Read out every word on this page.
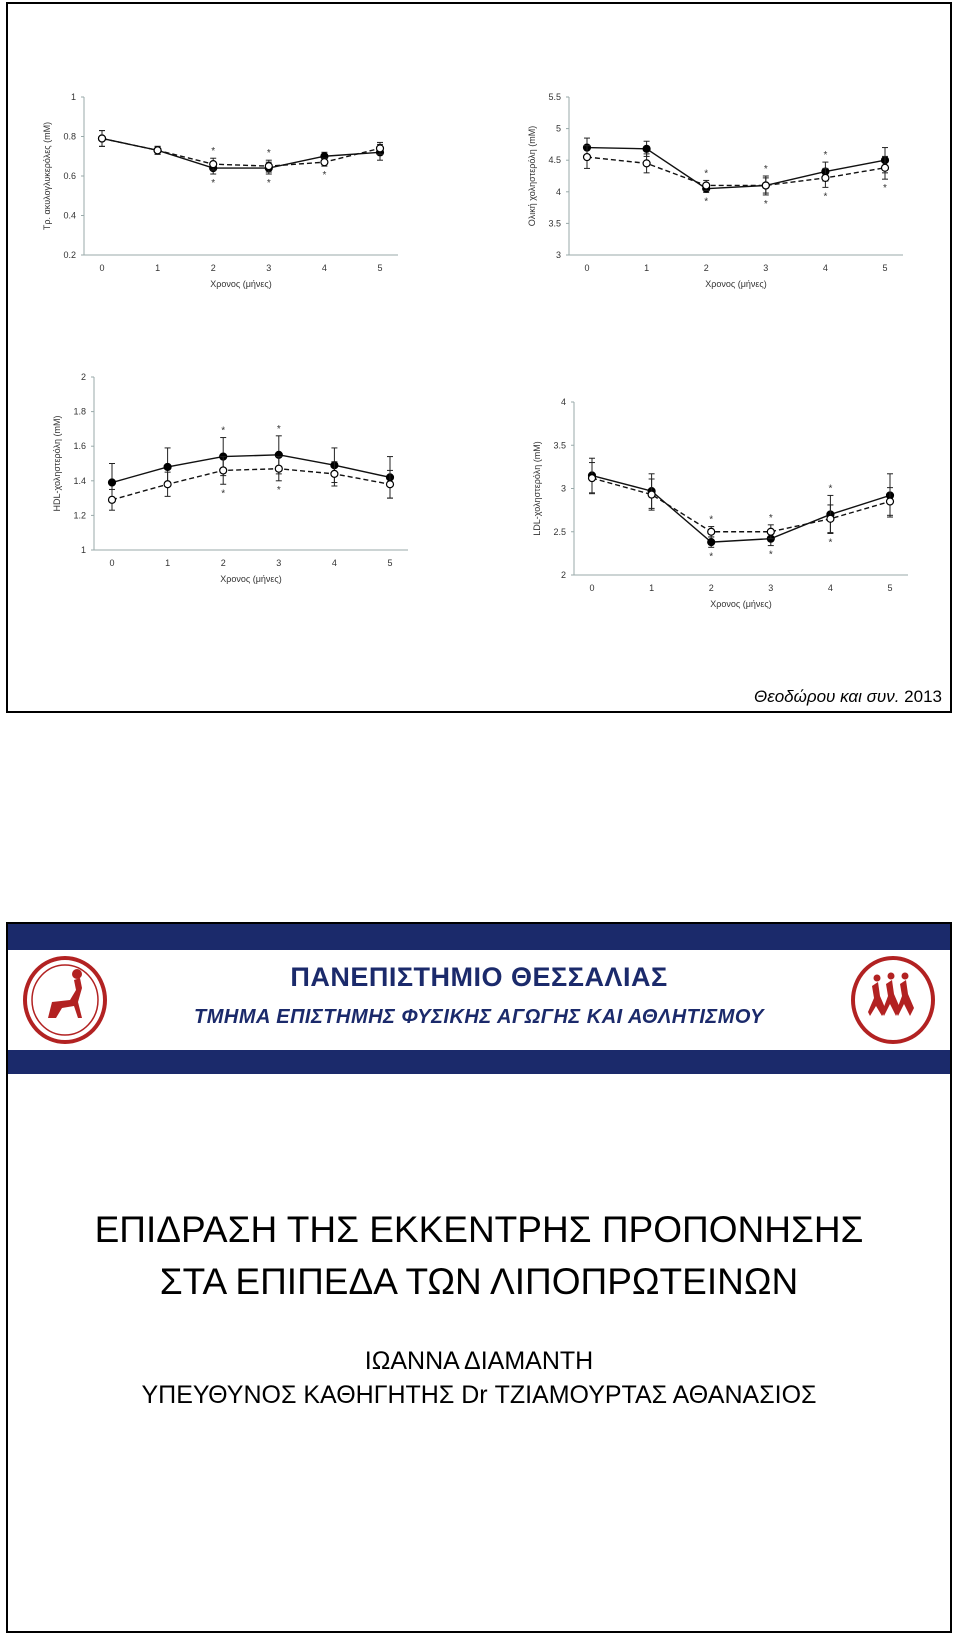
0.2
0.4
0.6
0.8
1
0	1	2	3	4	5
Χρονος (μήνες)
Τρ. ακυλογλυκερόλες (mM)	*	*
*	*
*
3
3.5
4
4.5
5
5.5
0	1	2	3	4	5
Χρονος (μήνες)
Ολική χοληστερόλη (mM)	*	*
*
*	*
*
*
1
1.2
1.4
1.6
1.8
2
0	1	2	3	4	5
Χρονος (μήνες)
HDL-χοληστερόλη (mM)	*	*
*	*
2
2.5
3
3.5
4
0	1	2	3	4	5
Χρονος (μήνες)
LDL-χοληστερόλη (mM)	*	*
*
*	*
*
Θεοδώρου και συν. 2013
ΠΑΝΕΠΙΣΤΗΜΙΟ ΘΕΣΣΑΛΙΑΣ
ΤΜΗΜΑ ΕΠΙΣΤΗΜΗΣ ΦΥΣΙΚΗΣ ΑΓΩΓΗΣ ΚΑΙ ΑΘΛΗΤΙΣΜΟΥ
ΕΠΙΔΡΑΣΗ ΤΗΣ ΕΚΚΕΝΤΡΗΣ ΠΡΟΠΟΝΗΣΗΣ
ΣΤΑ ΕΠΙΠΕΔΑ ΤΩΝ ΛΙΠΟΠΡΩΤΕΙΝΩΝ
ΙΩΑΝΝΑ ΔΙΑΜΑΝΤΗ
ΥΠΕΥΘΥΝΟΣ ΚΑΘΗΓΗΤΗΣ Dr ΤΖΙΑΜΟΥΡΤΑΣ ΑΘΑΝΑΣΙΟΣ
